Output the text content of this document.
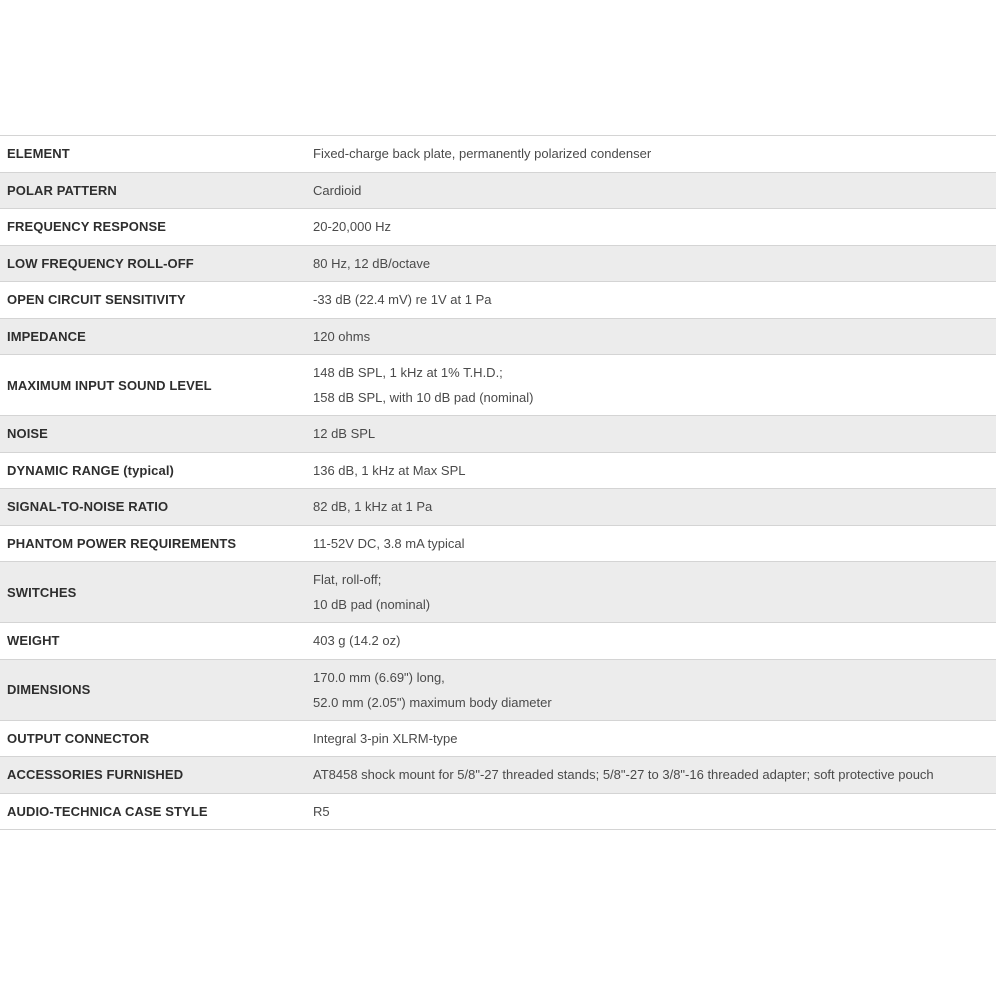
ELEMENT	Fixed-charge back plate, permanently polarized condenser

POLAR PATTERN	Cardioid

FREQUENCY RESPONSE	20-20,000 Hz

LOW FREQUENCY ROLL-OFF	80 Hz, 12 dB/octave

OPEN CIRCUIT SENSITIVITY	-33 dB (22.4 mV) re 1V at 1 Pa

IMPEDANCE	120 ohms

MAXIMUM INPUT SOUND LEVEL	148 dB SPL, 1 kHz at 1% T.H.D.;
158 dB SPL, with 10 dB pad (nominal)

NOISE	12 dB SPL

DYNAMIC RANGE (typical)	136 dB, 1 kHz at Max SPL

SIGNAL-TO-NOISE RATIO	82 dB, 1 kHz at 1 Pa

PHANTOM POWER REQUIREMENTS	11-52V DC, 3.8 mA typical

SWITCHES	Flat, roll-off;
10 dB pad (nominal)

WEIGHT	403 g (14.2 oz)

DIMENSIONS	170.0 mm (6.69") long,
52.0 mm (2.05") maximum body diameter

OUTPUT CONNECTOR	Integral 3-pin XLRM-type

ACCESSORIES FURNISHED	AT8458 shock mount for 5/8"-27 threaded stands; 5/8"-27 to 3/8"-16 threaded adapter; soft protective pouch

AUDIO-TECHNICA CASE STYLE	R5
